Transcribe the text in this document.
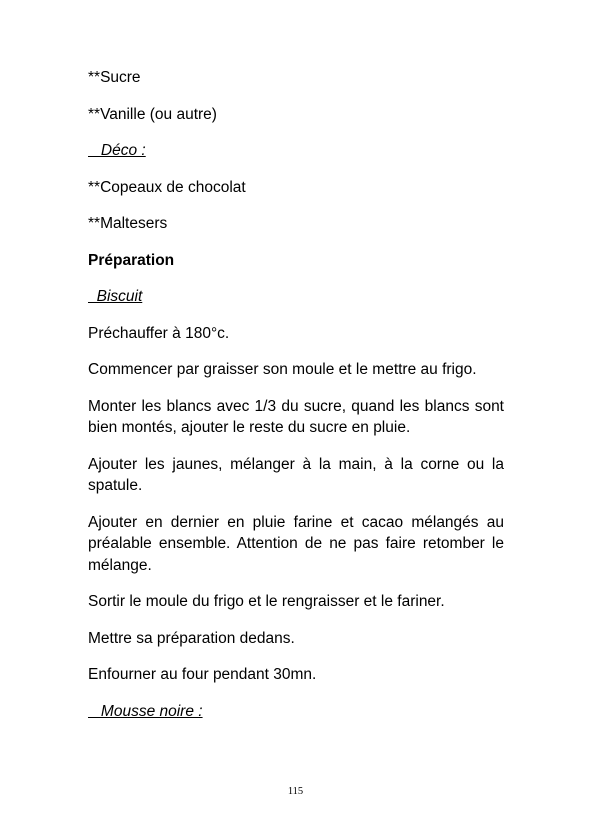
**Sucre

**Vanille (ou autre)

Déco :

**Copeaux de chocolat

**Maltesers

Préparation

Biscuit

Préchauffer à 180°c.

Commencer par graisser son moule et le mettre au frigo.

Monter les blancs avec 1/3 du sucre, quand les blancs sont bien montés, ajouter le reste du sucre en pluie.

Ajouter les jaunes, mélanger à la main, à la corne ou la spatule.

Ajouter en dernier en pluie farine et cacao mélangés au préalable ensemble. Attention de ne pas faire retomber le mélange.

Sortir le moule du frigo et le rengraisser et le fariner.

Mettre sa préparation dedans.

Enfourner au four pendant 30mn.

Mousse noire :

115
